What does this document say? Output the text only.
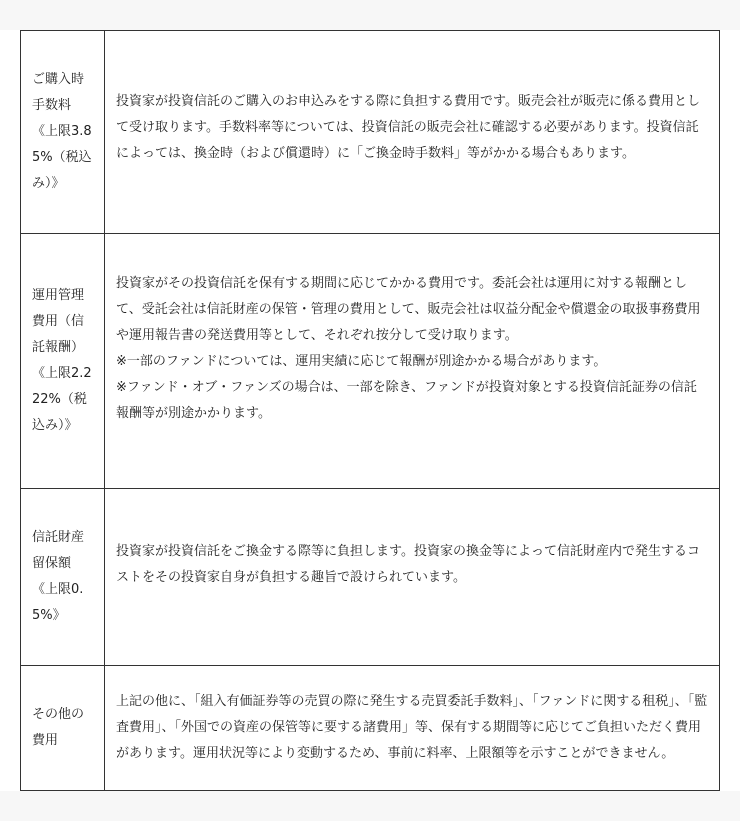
ご購入時手数料《上限3.85%（税込み）》	投資家が投資信託のご購入のお申込みをする際に負担する費用です。販売会社が販売に係る費用として受け取ります。手数料率等については、投資信託の販売会社に確認する必要があります。投資信託によっては、換金時（および償還時）に「ご換金時手数料」等がかかる場合もあります。

運用管理費用（信託報酬）《上限2.222%（税込み）》	投資家がその投資信託を保有する期間に応じてかかる費用です。委託会社は運用に対する報酬として、受託会社は信託財産の保管・管理の費用として、販売会社は収益分配金や償還金の取扱事務費用や運用報告書の発送費用等として、それぞれ按分して受け取ります。
※一部のファンドについては、運用実績に応じて報酬が別途かかる場合があります。
※ファンド・オブ・ファンズの場合は、一部を除き、ファンドが投資対象とする投資信託証券の信託報酬等が別途かかります。

信託財産留保額《上限0.5%》	投資家が投資信託をご換金する際等に負担します。投資家の換金等によって信託財産内で発生するコストをその投資家自身が負担する趣旨で設けられています。

その他の費用	上記の他に、「組入有価証券等の売買の際に発生する売買委託手数料」、「ファンドに関する租税」、「監査費用」、「外国での資産の保管等に要する諸費用」等、保有する期間等に応じてご負担いただく費用があります。運用状況等により変動するため、事前に料率、上限額等を示すことができません。
